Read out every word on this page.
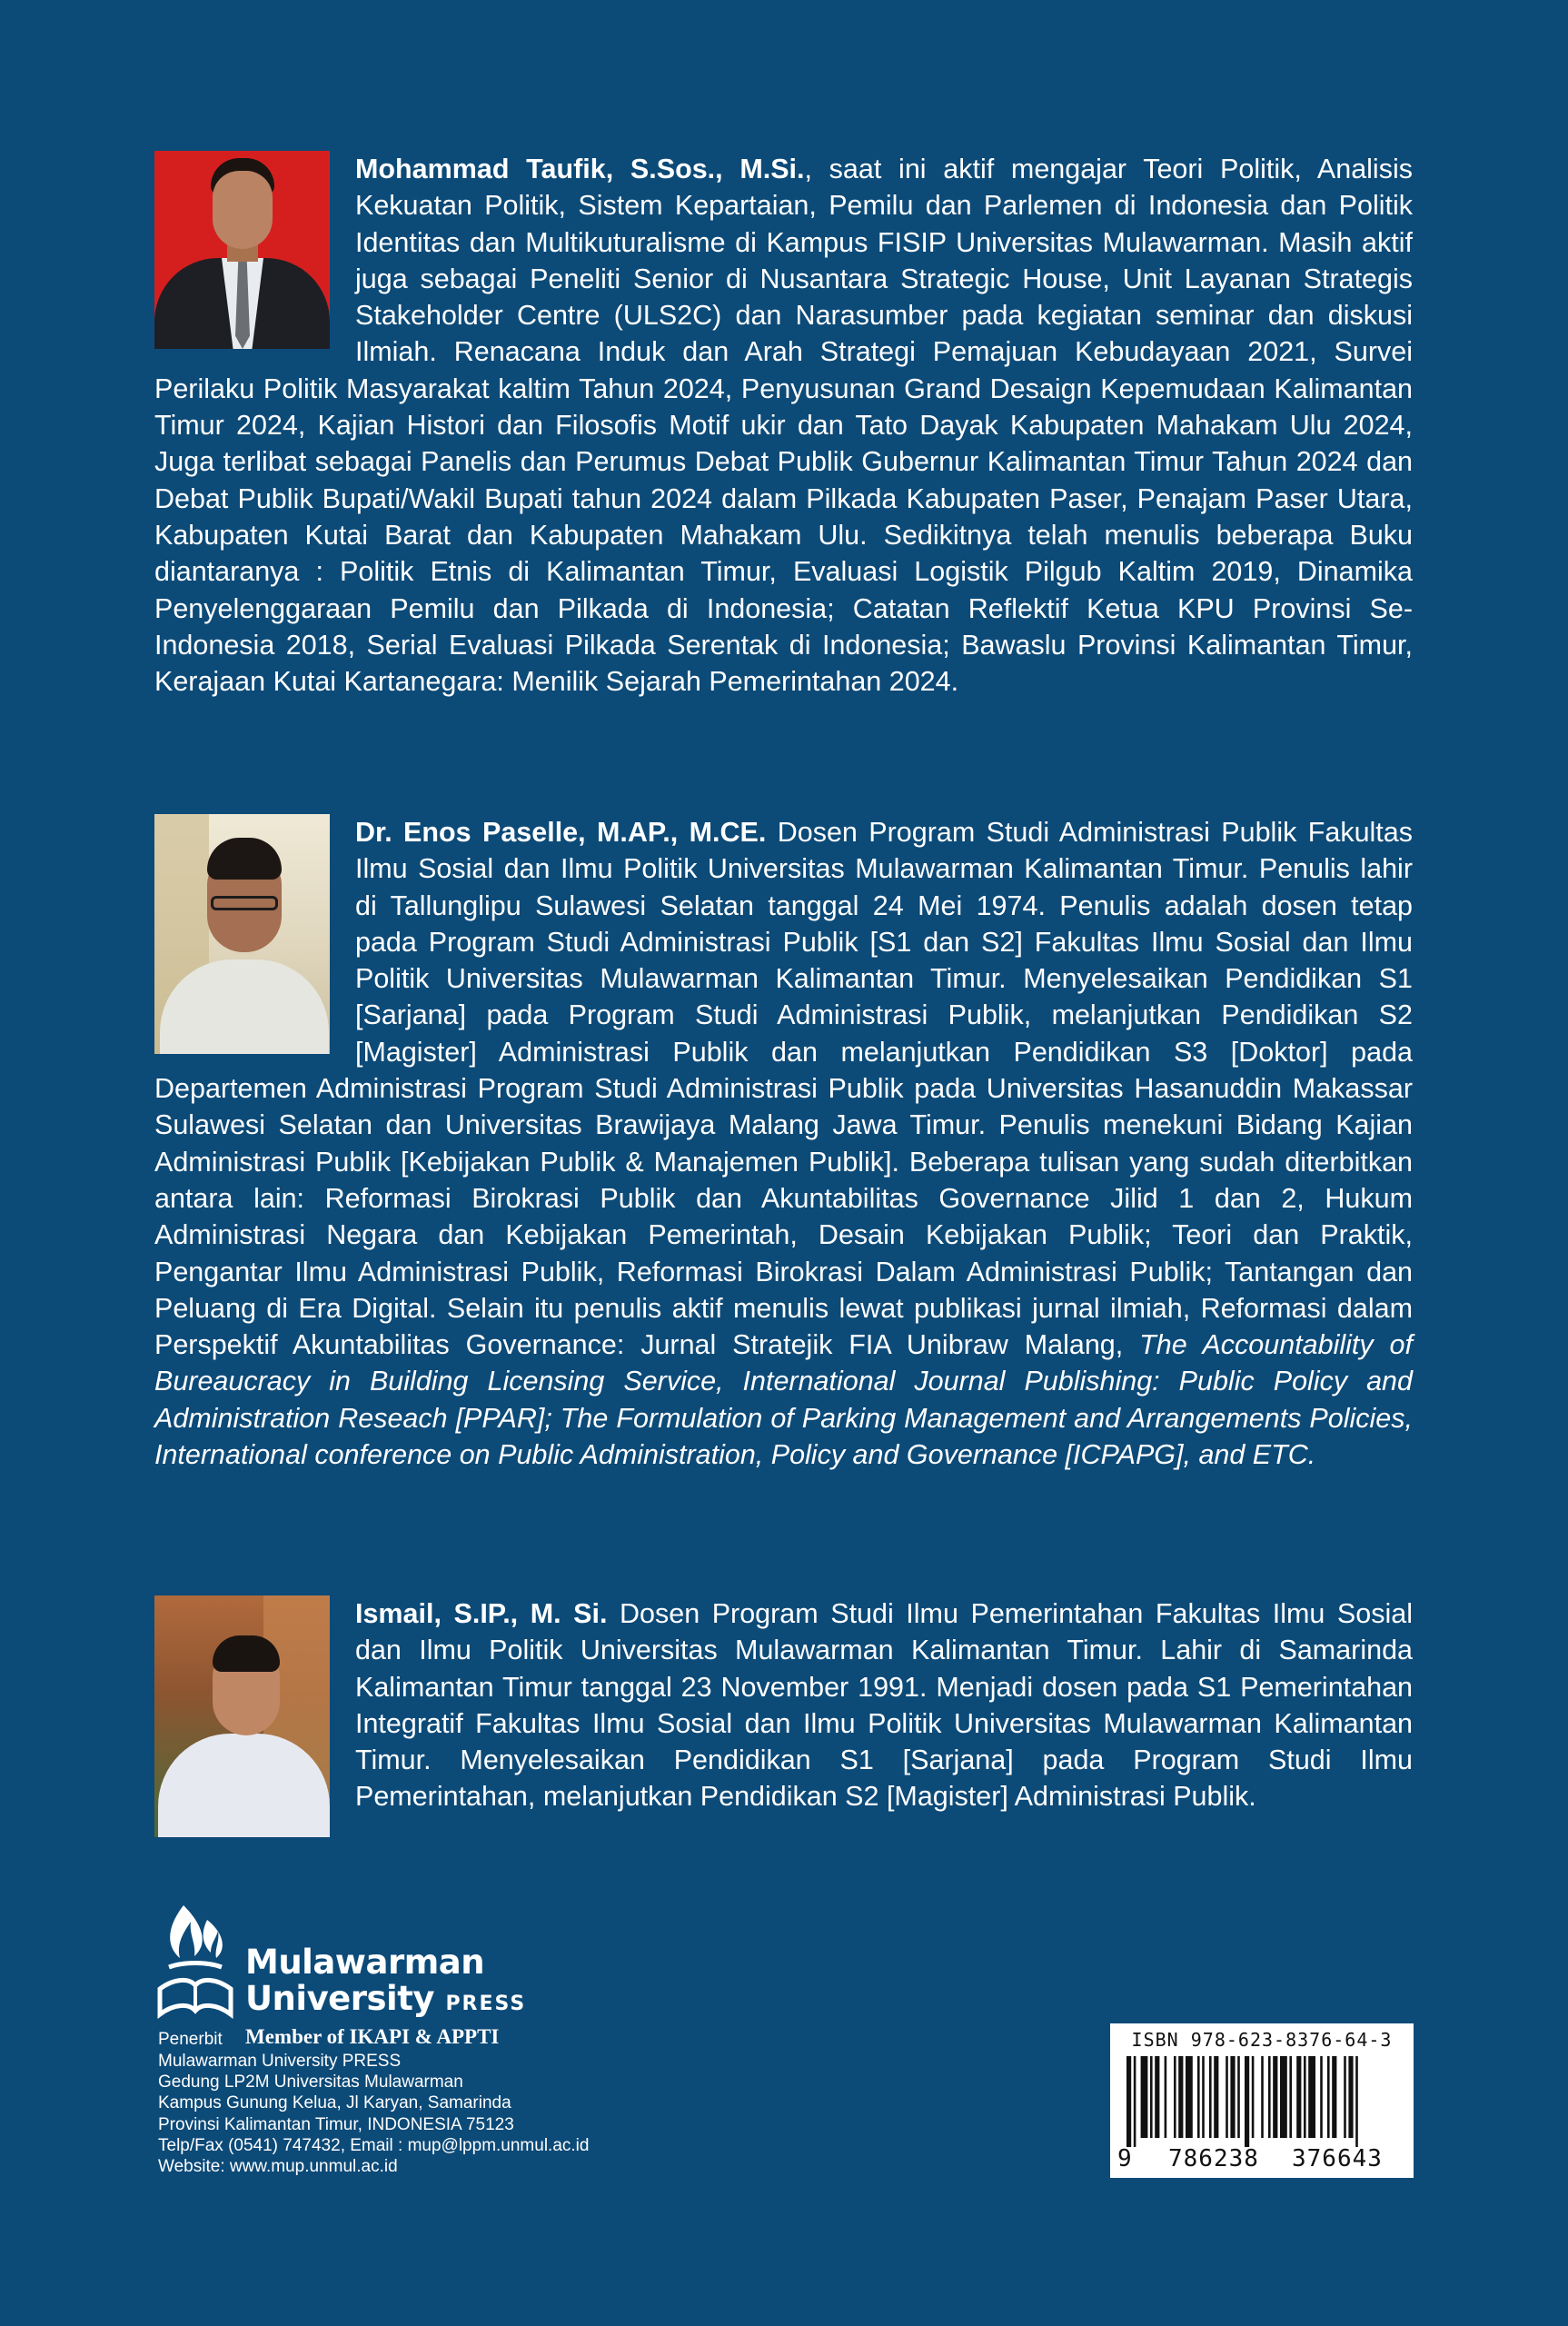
Mohammad Taufik, S.Sos., M.Si., saat ini aktif mengajar Teori Politik, Analisis Kekuatan Politik, Sistem Kepartaian, Pemilu dan Parlemen di Indonesia dan Politik Identitas dan Multikuturalisme di Kampus FISIP Universitas Mulawarman. Masih aktif juga sebagai Peneliti Senior di Nusantara Strategic House, Unit Layanan Strategis Stakeholder Centre (ULS2C) dan Narasumber pada kegiatan seminar dan diskusi Ilmiah. Renacana Induk dan Arah Strategi Pemajuan Kebudayaan 2021, Survei Perilaku Politik Masyarakat kaltim Tahun 2024, Penyusunan Grand Desaign Kepemudaan Kalimantan Timur 2024, Kajian Histori dan Filosofis Motif ukir dan Tato Dayak Kabupaten Mahakam Ulu 2024, Juga terlibat sebagai Panelis dan Perumus Debat Publik Gubernur Kalimantan Timur Tahun 2024 dan Debat Publik Bupati/Wakil Bupati tahun 2024 dalam Pilkada Kabupaten Paser, Penajam Paser Utara, Kabupaten Kutai Barat dan Kabupaten Mahakam Ulu. Sedikitnya telah menulis beberapa Buku diantaranya : Politik Etnis di Kalimantan Timur, Evaluasi Logistik Pilgub Kaltim 2019, Dinamika Penyelenggaraan Pemilu dan Pilkada di Indonesia; Catatan Reflektif Ketua KPU Provinsi Se-Indonesia 2018, Serial Evaluasi Pilkada Serentak di Indonesia; Bawaslu Provinsi Kalimantan Timur, Kerajaan Kutai Kartanegara: Menilik Sejarah Pemerintahan 2024.

Dr. Enos Paselle, M.AP., M.CE. Dosen Program Studi Administrasi Publik Fakultas Ilmu Sosial dan Ilmu Politik Universitas Mulawarman Kalimantan Timur. Penulis lahir di Tallunglipu Sulawesi Selatan tanggal 24 Mei 1974. Penulis adalah dosen tetap pada Program Studi Administrasi Publik [S1 dan S2] Fakultas Ilmu Sosial dan Ilmu Politik Universitas Mulawarman Kalimantan Timur. Menyelesaikan Pendidikan S1 [Sarjana] pada Program Studi Administrasi Publik, melanjutkan Pendidikan S2 [Magister] Administrasi Publik dan melanjutkan Pendidikan S3 [Doktor] pada Departemen Administrasi Program Studi Administrasi Publik pada Universitas Hasanuddin Makassar Sulawesi Selatan dan Universitas Brawijaya Malang Jawa Timur. Penulis menekuni Bidang Kajian Administrasi Publik [Kebijakan Publik & Manajemen Publik]. Beberapa tulisan yang sudah diterbitkan antara lain: Reformasi Birokrasi Publik dan Akuntabilitas Governance Jilid 1 dan 2, Hukum Administrasi Negara dan Kebijakan Pemerintah, Desain Kebijakan Publik; Teori dan Praktik, Pengantar Ilmu Administrasi Publik, Reformasi Birokrasi Dalam Administrasi Publik; Tantangan dan Peluang di Era Digital. Selain itu penulis aktif menulis lewat publikasi jurnal ilmiah, Reformasi dalam Perspektif Akuntabilitas Governance: Jurnal Stratejik FIA Unibraw Malang, The Accountability of Bureaucracy in Building Licensing Service, International Journal Publishing: Public Policy and Administration Reseach [PPAR]; The Formulation of Parking Management and Arrangements Policies, International conference on Public Administration, Policy and Governance [ICPAPG], and ETC.

Ismail, S.IP., M. Si. Dosen Program Studi Ilmu Pemerintahan Fakultas Ilmu Sosial dan Ilmu Politik Universitas Mulawarman Kalimantan Timur. Lahir di Samarinda Kalimantan Timur tanggal 23 November 1991. Menjadi dosen pada S1 Pemerintahan Integratif Fakultas Ilmu Sosial dan Ilmu Politik Universitas Mulawarman Kalimantan Timur. Menyelesaikan Pendidikan S1 [Sarjana] pada Program Studi Ilmu Pemerintahan, melanjutkan Pendidikan S2 [Magister] Administrasi Publik.

Mulawarman
University PRESS
Penerbit Member of IKAPI & APPTI
Mulawarman University PRESS
Gedung LP2M Universitas Mulawarman
Kampus Gunung Kelua, Jl Karyan, Samarinda
Provinsi Kalimantan Timur, INDONESIA 75123
Telp/Fax (0541) 747432, Email : mup@lppm.unmul.ac.id
Website: www.mup.unmul.ac.id
ISBN 978-623-8376-64-3
9 786238 376643
